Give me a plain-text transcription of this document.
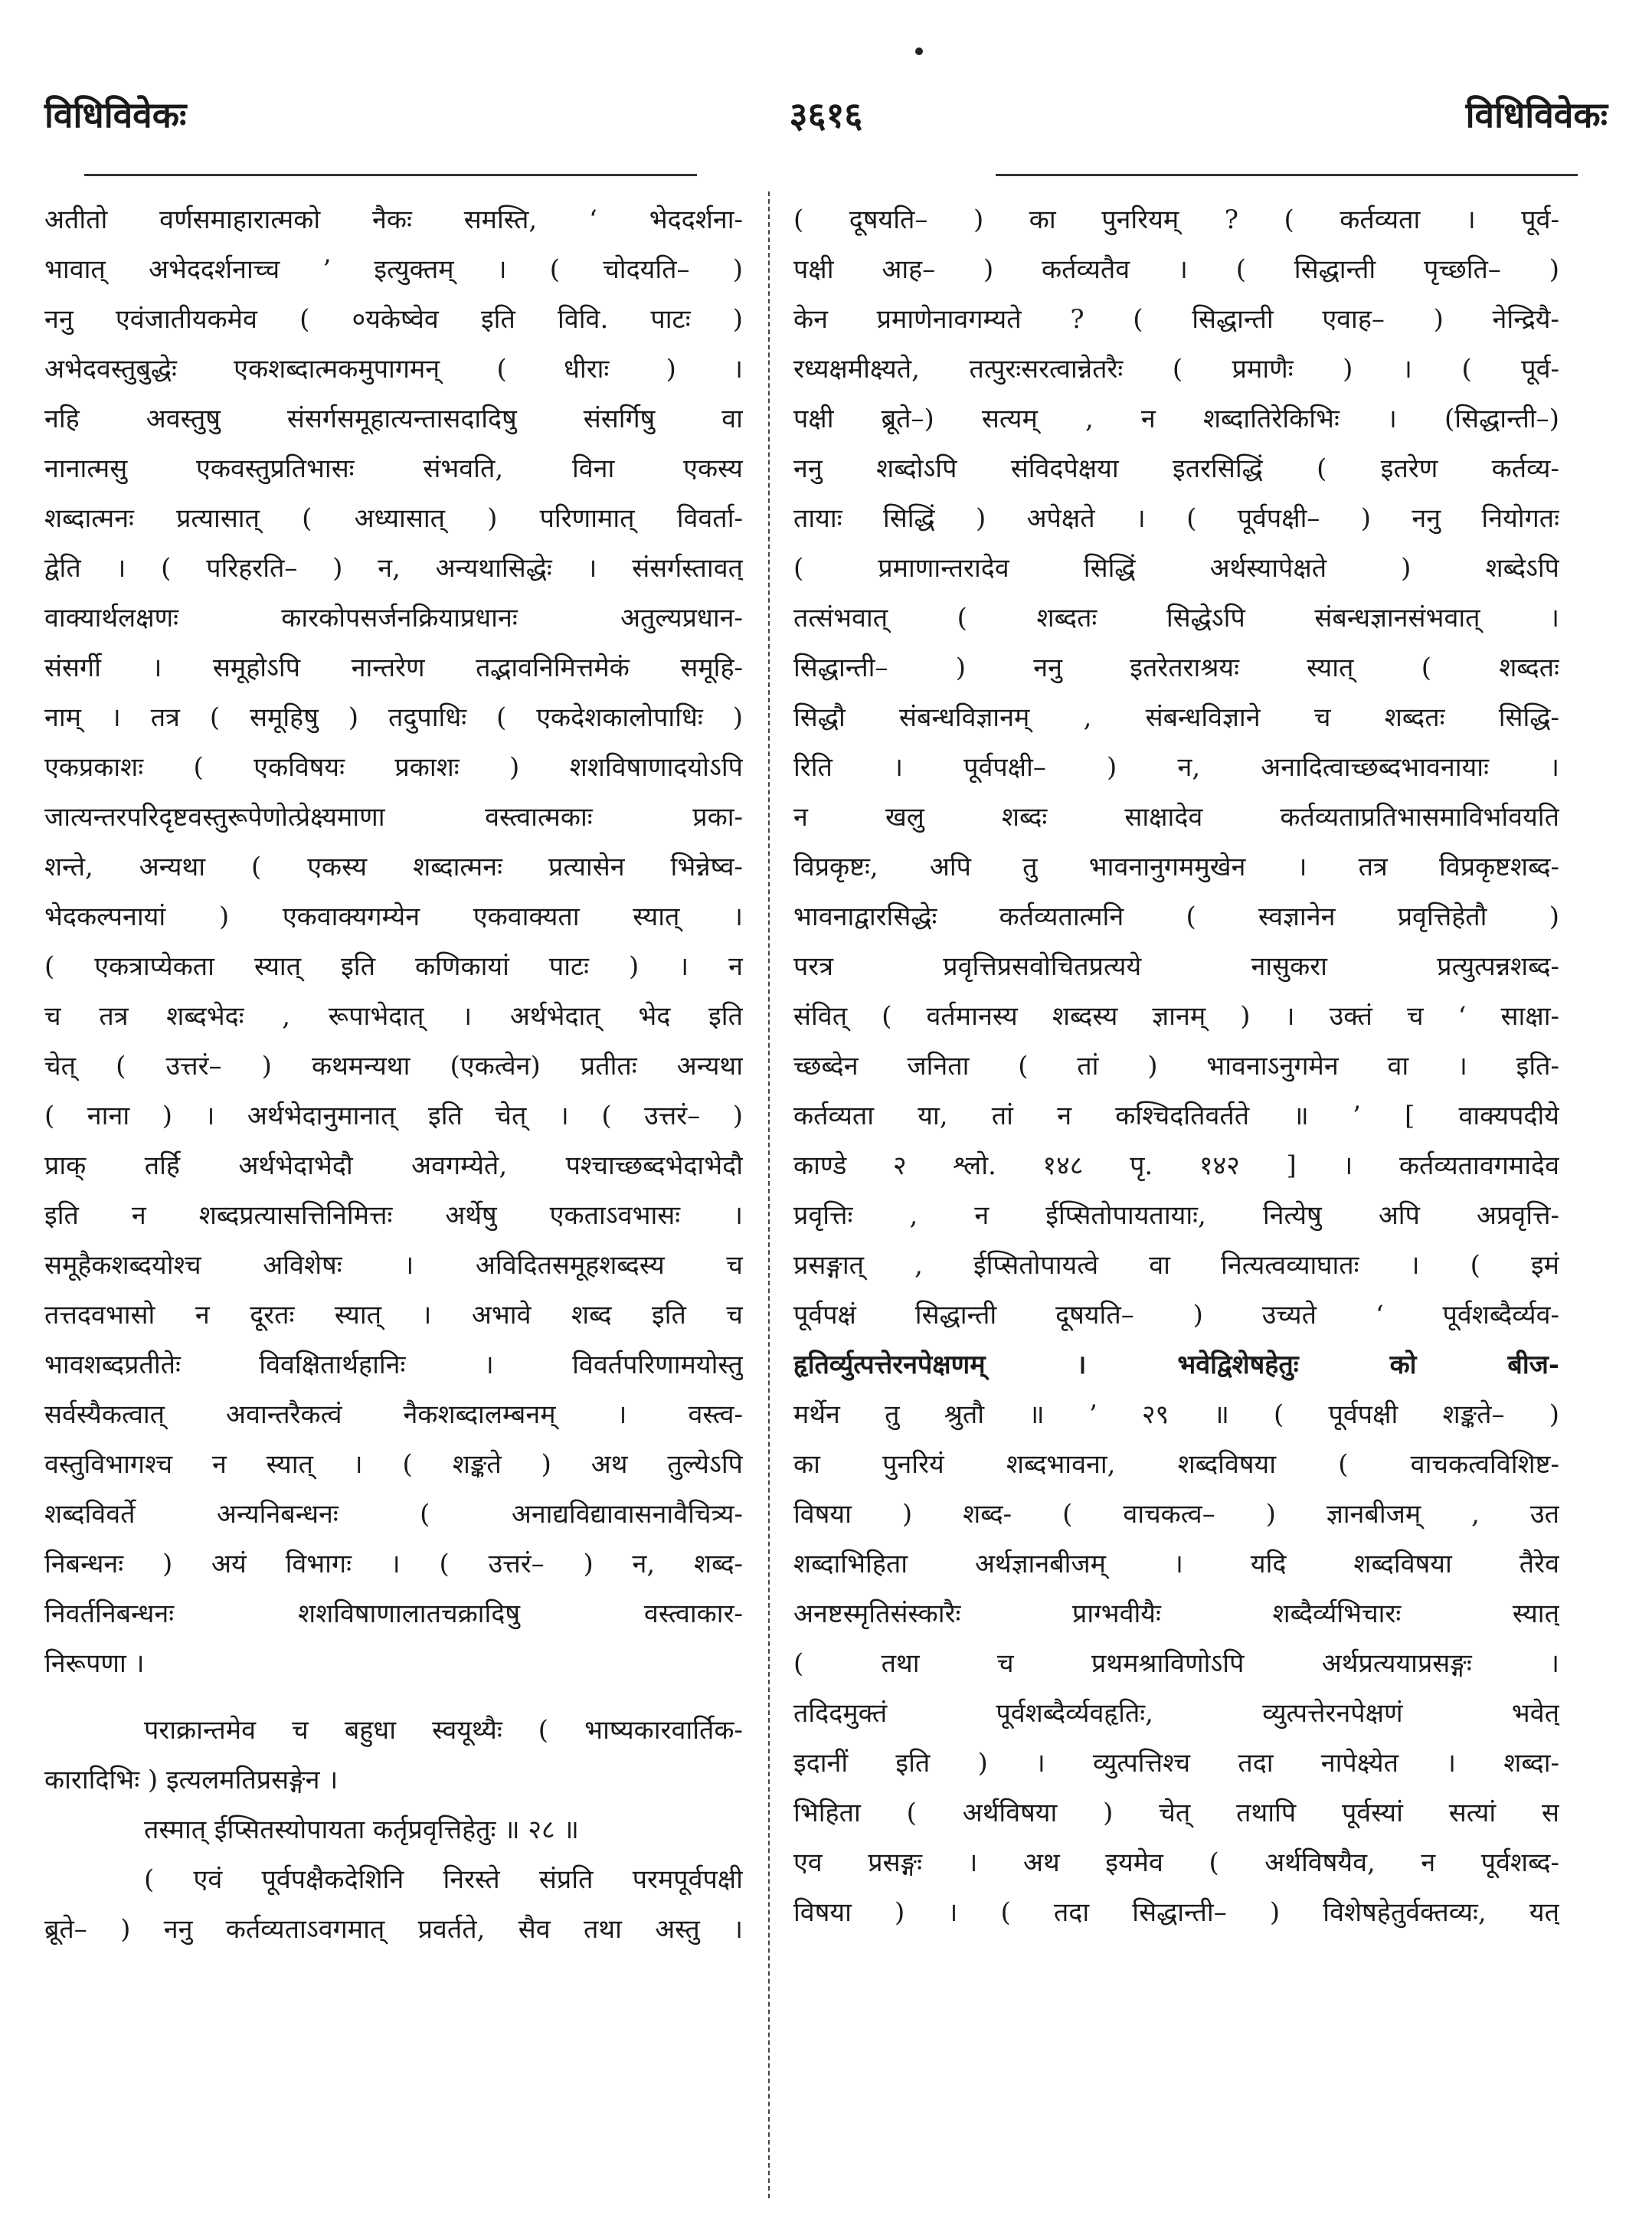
३६१६
विधिविवेकः	विधिविवेकः
अतीतो वर्णसमाहारात्मको नैकः समस्ति, ‘ भेददर्शना-
भावात् अभेददर्शनाच्च ’ इत्युक्तम् । ( चोदयति– )
ननु एवंजातीयकमेव ( ०यकेष्वेव इति विवि. पाटः )
अभेदवस्तुबुद्धेः एकशब्दात्मकमुपागमन् ( धीराः ) ।
नहि अवस्तुषु संसर्गसमूहात्यन्तासदादिषु संसर्गिषु वा
नानात्मसु एकवस्तुप्रतिभासः संभवति, विना एकस्य
शब्दात्मनः प्रत्यासात् ( अध्यासात् ) परिणामात् विवर्ता-
द्वेति । ( परिहरति– ) न, अन्यथासिद्धेः । संसर्गस्तावत्
वाक्यार्थलक्षणः कारकोपसर्जनक्रियाप्रधानः अतुल्यप्रधान-
संसर्गी । समूहोऽपि नान्तरेण तद्भावनिमित्तमेकं समूहि-
नाम् । तत्र ( समूहिषु ) तदुपाधिः ( एकदेशकालोपाधिः )
एकप्रकाशः ( एकविषयः प्रकाशः ) शशविषाणादयोऽपि
जात्यन्तरपरिदृष्टवस्तुरूपेणोत्प्रेक्ष्यमाणा वस्त्वात्मकाः प्रका-
शन्ते, अन्यथा ( एकस्य शब्दात्मनः प्रत्यासेन भिन्नेष्व-
भेदकल्पनायां ) एकवाक्यगम्येन एकवाक्यता स्यात् ।
( एकत्राप्येकता स्यात् इति कणिकायां पाटः ) । न
च तत्र शब्दभेदः , रूपाभेदात् । अर्थभेदात् भेद इति
चेत् ( उत्तरं– ) कथमन्यथा (एकत्वेन) प्रतीतः अन्यथा
( नाना ) । अर्थभेदानुमानात् इति चेत् । ( उत्तरं– )
प्राक् तर्हि अर्थभेदाभेदौ अवगम्येते, पश्चाच्छब्दभेदाभेदौ
इति न शब्दप्रत्यासत्तिनिमित्तः अर्थेषु एकताऽवभासः ।
समूहैकशब्दयोश्च अविशेषः । अविदितसमूहशब्दस्य च
तत्तदवभासो न दूरतः स्यात् । अभावे शब्द इति च
भावशब्दप्रतीतेः विवक्षितार्थहानिः । विवर्तपरिणामयोस्तु
सर्वस्यैकत्वात् अवान्तरैकत्वं नैकशब्दालम्बनम् । वस्त्व-
वस्तुविभागश्च न स्यात् । ( शङ्कते ) अथ तुल्येऽपि
शब्दविवर्ते अन्यनिबन्धनः ( अनाद्यविद्यावासनावैचित्र्य-
निबन्धनः ) अयं विभागः । ( उत्तरं– ) न, शब्द-
निवर्तनिबन्धनः शशविषाणालातचक्रादिषु वस्त्वाकार-
निरूपणा ।
पराक्रान्तमेव च बहुधा स्वयूथ्यैः ( भाष्यकारवार्तिक-
कारादिभिः ) इत्यलमतिप्रसङ्गेन ।
तस्मात् ईप्सितस्योपायता कर्तृप्रवृत्तिहेतुः ॥ २८ ॥
( एवं पूर्वपक्षैकदेशिनि निरस्ते संप्रति परमपूर्वपक्षी
ब्रूते– ) ननु कर्तव्यताऽवगमात् प्रवर्तते, सैव तथा अस्तु ।
( दूषयति– ) का पुनरियम् ? ( कर्तव्यता । पूर्व-
पक्षी आह– ) कर्तव्यतैव । ( सिद्धान्ती पृच्छति– )
केन प्रमाणेनावगम्यते ? ( सिद्धान्ती एवाह– ) नेन्द्रियै-
रध्यक्षमीक्ष्यते, तत्पुरःसरत्वान्नेतरैः ( प्रमाणैः ) । ( पूर्व-
पक्षी ब्रूते–) सत्यम् , न शब्दातिरेकिभिः । (सिद्धान्ती–)
ननु शब्दोऽपि संविदपेक्षया इतरसिद्धिं ( इतरेण कर्तव्य-
तायाः सिद्धिं ) अपेक्षते । ( पूर्वपक्षी– ) ननु नियोगतः
( प्रमाणान्तरादेव सिद्धिं अर्थस्यापेक्षते ) शब्देऽपि
तत्संभवात् ( शब्दतः सिद्धेऽपि संबन्धज्ञानसंभवात् ।
सिद्धान्ती– ) ननु इतरेतराश्रयः स्यात् ( शब्दतः
सिद्धौ संबन्धविज्ञानम् , संबन्धविज्ञाने च शब्दतः सिद्धि-
रिति । पूर्वपक्षी– ) न, अनादित्वाच्छब्दभावनायाः ।
न खलु शब्दः साक्षादेव कर्तव्यताप्रतिभासमाविर्भावयति
विप्रकृष्टः, अपि तु भावनानुगममुखेन । तत्र विप्रकृष्टशब्द-
भावनाद्वारसिद्धेः कर्तव्यतात्मनि ( स्वज्ञानेन प्रवृत्तिहेतौ )
परत्र प्रवृत्तिप्रसवोचितप्रत्यये नासुकरा प्रत्युत्पन्नशब्द-
संवित् ( वर्तमानस्य शब्दस्य ज्ञानम् ) । उक्तं च ‘ साक्षा-
च्छब्देन जनिता ( तां ) भावनाऽनुगमेन वा । इति-
कर्तव्यता या, तां न कश्चिदतिवर्तते ॥ ’ [ वाक्यपदीये
काण्डे २ श्लो. १४८ पृ. १४२ ] । कर्तव्यतावगमादेव
प्रवृत्तिः , न ईप्सितोपायतायाः, नित्येषु अपि अप्रवृत्ति-
प्रसङ्गात् , ईप्सितोपायत्वे वा नित्यत्वव्याघातः । ( इमं
पूर्वपक्षं सिद्धान्ती दूषयति– ) उच्यते ‘ पूर्वशब्दैर्व्यव-
हृतिर्व्युत्पत्तेरनपेक्षणम् । भवेद्विशेषहेतुः को बीज-
मर्थेन तु श्रुतौ ॥ ’ २९ ॥ ( पूर्वपक्षी शङ्कते– )
का पुनरियं शब्दभावना, शब्दविषया ( वाचकत्वविशिष्ट-
विषया ) शब्द- ( वाचकत्व– ) ज्ञानबीजम् , उत
शब्दाभिहिता अर्थज्ञानबीजम् । यदि शब्दविषया तैरेव
अनष्टस्मृतिसंस्कारैः प्राग्भवीयैः शब्दैर्व्यभिचारः स्यात्
( तथा च प्रथमश्राविणोऽपि अर्थप्रत्ययाप्रसङ्गः ।
तदिदमुक्तं पूर्वशब्दैर्व्यवहृतिः, व्युत्पत्तेरनपेक्षणं भवेत्
इदानीं इति ) । व्युत्पत्तिश्च तदा नापेक्ष्येत । शब्दा-
भिहिता ( अर्थविषया ) चेत् तथापि पूर्वस्यां सत्यां स
एव प्रसङ्गः । अथ इयमेव ( अर्थविषयैव, न पूर्वशब्द-
विषया ) । ( तदा सिद्धान्ती– ) विशेषहेतुर्वक्तव्यः, यत्
